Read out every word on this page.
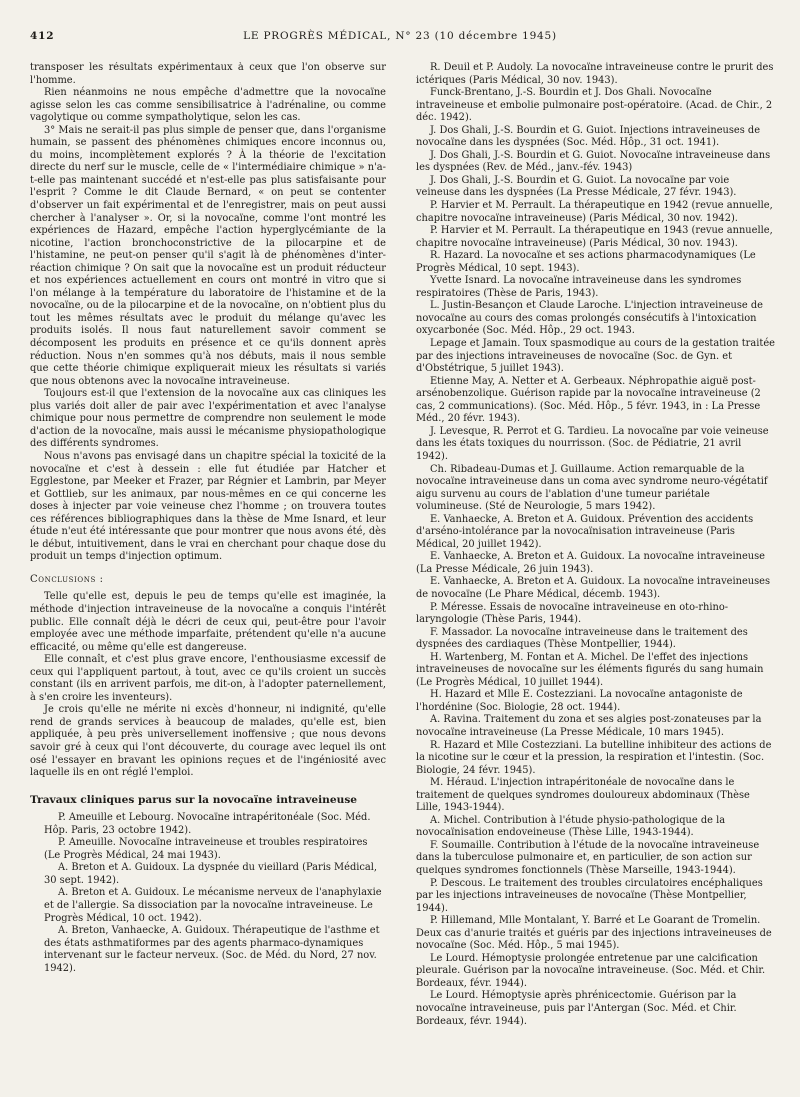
412	LE PROGRÈS MÉDICAL, N° 23 (10 décembre 1945)

transposer les résultats expérimentaux à ceux que l'on observe sur l'homme.

Rien néanmoins ne nous empêche d'admettre que la novocaïne agisse selon les cas comme sensibilisatrice à l'adrénaline, ou comme vagolytique ou comme sympatholytique, selon les cas.

3° Mais ne serait-il pas plus simple de penser que, dans l'organisme humain, se passent des phénomènes chimiques encore inconnus ou, du moins, incomplètement explorés ? À la théorie de l'excitation directe du nerf sur le muscle, celle de « l'intermédiaire chimique » n'a-t-elle pas maintenant succédé et n'est-elle pas plus satisfaisante pour l'esprit ? Comme le dit Claude Bernard, « on peut se contenter d'observer un fait expérimental et de l'enregistrer, mais on peut aussi chercher à l'analyser ». Or, si la novocaïne, comme l'ont montré les expériences de Hazard, empêche l'action hyperglycémiante de la nicotine, l'action bronchoconstrictive de la pilocarpine et de l'histamine, ne peut-on penser qu'il s'agit là de phénomènes d'inter-réaction chimique ? On sait que la novocaïne est un produit réducteur et nos expériences actuellement en cours ont montré in vitro que si l'on mélange à la température du laboratoire de l'histamine et de la novocaïne, ou de la pilocarpine et de la novocaïne, on n'obtient plus du tout les mêmes résultats avec le produit du mélange qu'avec les produits isolés. Il nous faut naturellement savoir comment se décomposent les produits en présence et ce qu'ils donnent après réduction. Nous n'en sommes qu'à nos débuts, mais il nous semble que cette théorie chimique expliquerait mieux les résultats si variés que nous obtenons avec la novocaïne intraveineuse.

Toujours est-il que l'extension de la novocaïne aux cas cliniques les plus variés doit aller de pair avec l'expérimentation et avec l'analyse chimique pour nous permettre de comprendre non seulement le mode d'action de la novocaïne, mais aussi le mécanisme physiopathologique des différents syndromes.

Nous n'avons pas envisagé dans un chapitre spécial la toxicité de la novocaïne et c'est à dessein : elle fut étudiée par Hatcher et Egglestone, par Meeker et Frazer, par Régnier et Lambrin, par Meyer et Gottlieb, sur les animaux, par nous-mêmes en ce qui concerne les doses à injecter par voie veineuse chez l'homme ; on trouvera toutes ces références bibliographiques dans la thèse de Mme Isnard, et leur étude n'eut été intéressante que pour montrer que nous avons été, dès le début, intuitivement, dans le vrai en cherchant pour chaque dose du produit un temps d'injection optimum.

Conclusions :

Telle qu'elle est, depuis le peu de temps qu'elle est imaginée, la méthode d'injection intraveineuse de la novocaïne a conquis l'intérêt public. Elle connaît déjà le décri de ceux qui, peut-être pour l'avoir employée avec une méthode imparfaite, prétendent qu'elle n'a aucune efficacité, ou même qu'elle est dangereuse.

Elle connaît, et c'est plus grave encore, l'enthousiasme excessif de ceux qui l'appliquent partout, à tout, avec ce qu'ils croient un succès constant (ils en arrivent parfois, me dit-on, à l'adopter paternellement, à s'en croire les inventeurs).

Je crois qu'elle ne mérite ni excès d'honneur, ni indignité, qu'elle rend de grands services à beaucoup de malades, qu'elle est, bien appliquée, à peu près universellement inoffensive ; que nous devons savoir gré à ceux qui l'ont découverte, du courage avec lequel ils ont osé l'essayer en bravant les opinions reçues et de l'ingéniosité avec laquelle ils en ont réglé l'emploi.

Travaux cliniques parus sur la novocaïne intraveineuse

P. Ameuille et Lebourg. Novocaïne intrapéritonéale (Soc. Méd. Hôp. Paris, 23 octobre 1942).

P. Ameuille. Novocaïne intraveineuse et troubles respiratoires (Le Progrès Médical, 24 mai 1943).

A. Breton et A. Guidoux. La dyspnée du vieillard (Paris Médical, 30 sept. 1942).

A. Breton et A. Guidoux. Le mécanisme nerveux de l'anaphylaxie et de l'allergie. Sa dissociation par la novocaïne intraveineuse. Le Progrès Médical, 10 oct. 1942).

A. Breton, Vanhaecke, A. Guidoux. Thérapeutique de l'asthme et des états asthmatiformes par des agents pharmaco-dynamiques intervenant sur le facteur nerveux. (Soc. de Méd. du Nord, 27 nov. 1942).

R. Deuil et P. Audoly. La novocaïne intraveineuse contre le prurit des ictériques (Paris Médical, 30 nov. 1943).

Funck-Brentano, J.-S. Bourdin et J. Dos Ghali. Novocaïne intraveineuse et embolie pulmonaire post-opératoire. (Acad. de Chir., 2 déc. 1942).

J. Dos Ghali, J.-S. Bourdin et G. Guiot. Injections intraveineuses de novocaïne dans les dyspnées (Soc. Méd. Hôp., 31 oct. 1941).

J. Dos Ghali, J.-S. Bourdin et G. Guiot. Novocaïne intraveineuse dans les dyspnées (Rev. de Méd., janv.-fév. 1943)

J. Dos Ghali, J.-S. Bourdin et G. Guiot. La novocaïne par voie veineuse dans les dyspnées (La Presse Médicale, 27 févr. 1943).

P. Harvier et M. Perrault. La thérapeutique en 1942 (revue annuelle, chapitre novocaïne intraveineuse) (Paris Médical, 30 nov. 1942).

P. Harvier et M. Perrault. La thérapeutique en 1943 (revue annuelle, chapitre novocaïne intraveineuse) (Paris Médical, 30 nov. 1943).

R. Hazard. La novocaïne et ses actions pharmacodynamiques (Le Progrès Médical, 10 sept. 1943).

Yvette Isnard. La novocaïne intraveineuse dans les syndromes respiratoires (Thèse de Paris, 1943).

L. Justin-Besançon et Claude Laroche. L'injection intraveineuse de novocaïne au cours des comas prolongés consécutifs à l'intoxication oxycarbonée (Soc. Méd. Hôp., 29 oct. 1943.

Lepage et Jamain. Toux spasmodique au cours de la gestation traitée par des injections intraveineuses de novocaïne (Soc. de Gyn. et d'Obstétrique, 5 juillet 1943).

Etienne May, A. Netter et A. Gerbeaux. Néphropathie aiguë post-arsénobenzolique. Guérison rapide par la novocaïne intraveineuse (2 cas, 2 communications). (Soc. Méd. Hôp., 5 févr. 1943, in : La Presse Méd., 20 févr. 1943).

J. Levesque, R. Perrot et G. Tardieu. La novocaïne par voie veineuse dans les états toxiques du nourrisson. (Soc. de Pédiatrie, 21 avril 1942).

Ch. Ribadeau-Dumas et J. Guillaume. Action remarquable de la novocaïne intraveineuse dans un coma avec syndrome neuro-végétatif aigu survenu au cours de l'ablation d'une tumeur pariétale volumineuse. (Sté de Neurologie, 5 mars 1942).

E. Vanhaecke, A. Breton et A. Guidoux. Prévention des accidents d'arséno-intolérance par la novocaïnisation intraveineuse (Paris Médical, 20 juillet 1942).

E. Vanhaecke, A. Breton et A. Guidoux. La novocaïne intraveineuse (La Presse Médicale, 26 juin 1943).

E. Vanhaecke, A. Breton et A. Guidoux. La novocaïne intraveineuses de novocaïne (Le Phare Médical, décemb. 1943).

P. Méresse. Essais de novocaïne intraveineuse en oto-rhino-laryngologie (Thèse Paris, 1944).

F. Massador. La novocaïne intraveineuse dans le traitement des dyspnées des cardiaques (Thèse Montpellier, 1944).

H. Wartenberg, M. Fontan et A. Michel. De l'effet des injections intraveineuses de novocaïne sur les éléments figurés du sang humain (Le Progrès Médical, 10 juillet 1944).

H. Hazard et Mlle E. Costezziani. La novocaïne antagoniste de l'hordénine (Soc. Biologie, 28 oct. 1944).

A. Ravina. Traitement du zona et ses algies post-zonateuses par la novocaïne intraveineuse (La Presse Médicale, 10 mars 1945).

R. Hazard et Mlle Costezziani. La butelline inhibiteur des actions de la nicotine sur le cœur et la pression, la respiration et l'intestin. (Soc. Biologie, 24 févr. 1945).

M. Héraud. L'injection intrapéritonéale de novocaïne dans le traitement de quelques syndromes douloureux abdominaux (Thèse Lille, 1943-1944).

A. Michel. Contribution à l'étude physio-pathologique de la novocaïnisation endoveineuse (Thèse Lille, 1943-1944).

F. Soumaille. Contribution à l'étude de la novocaïne intraveineuse dans la tuberculose pulmonaire et, en particulier, de son action sur quelques syndromes fonctionnels (Thèse Marseille, 1943-1944).

P. Descous. Le traitement des troubles circulatoires encéphaliques par les injections intraveineuses de novocaïne (Thèse Montpellier, 1944).

P. Hillemand, Mlle Montalant, Y. Barré et Le Goarant de Tromelin. Deux cas d'anurie traités et guéris par des injections intraveineuses de novocaïne (Soc. Méd. Hôp., 5 mai 1945).

Le Lourd. Hémoptysie prolongée entretenue par une calcification pleurale. Guérison par la novocaïne intraveineuse. (Soc. Méd. et Chir. Bordeaux, févr. 1944).

Le Lourd. Hémoptysie après phrénicectomie. Guérison par la novocaïne intraveineuse, puis par l'Antergan (Soc. Méd. et Chir. Bordeaux, févr. 1944).
